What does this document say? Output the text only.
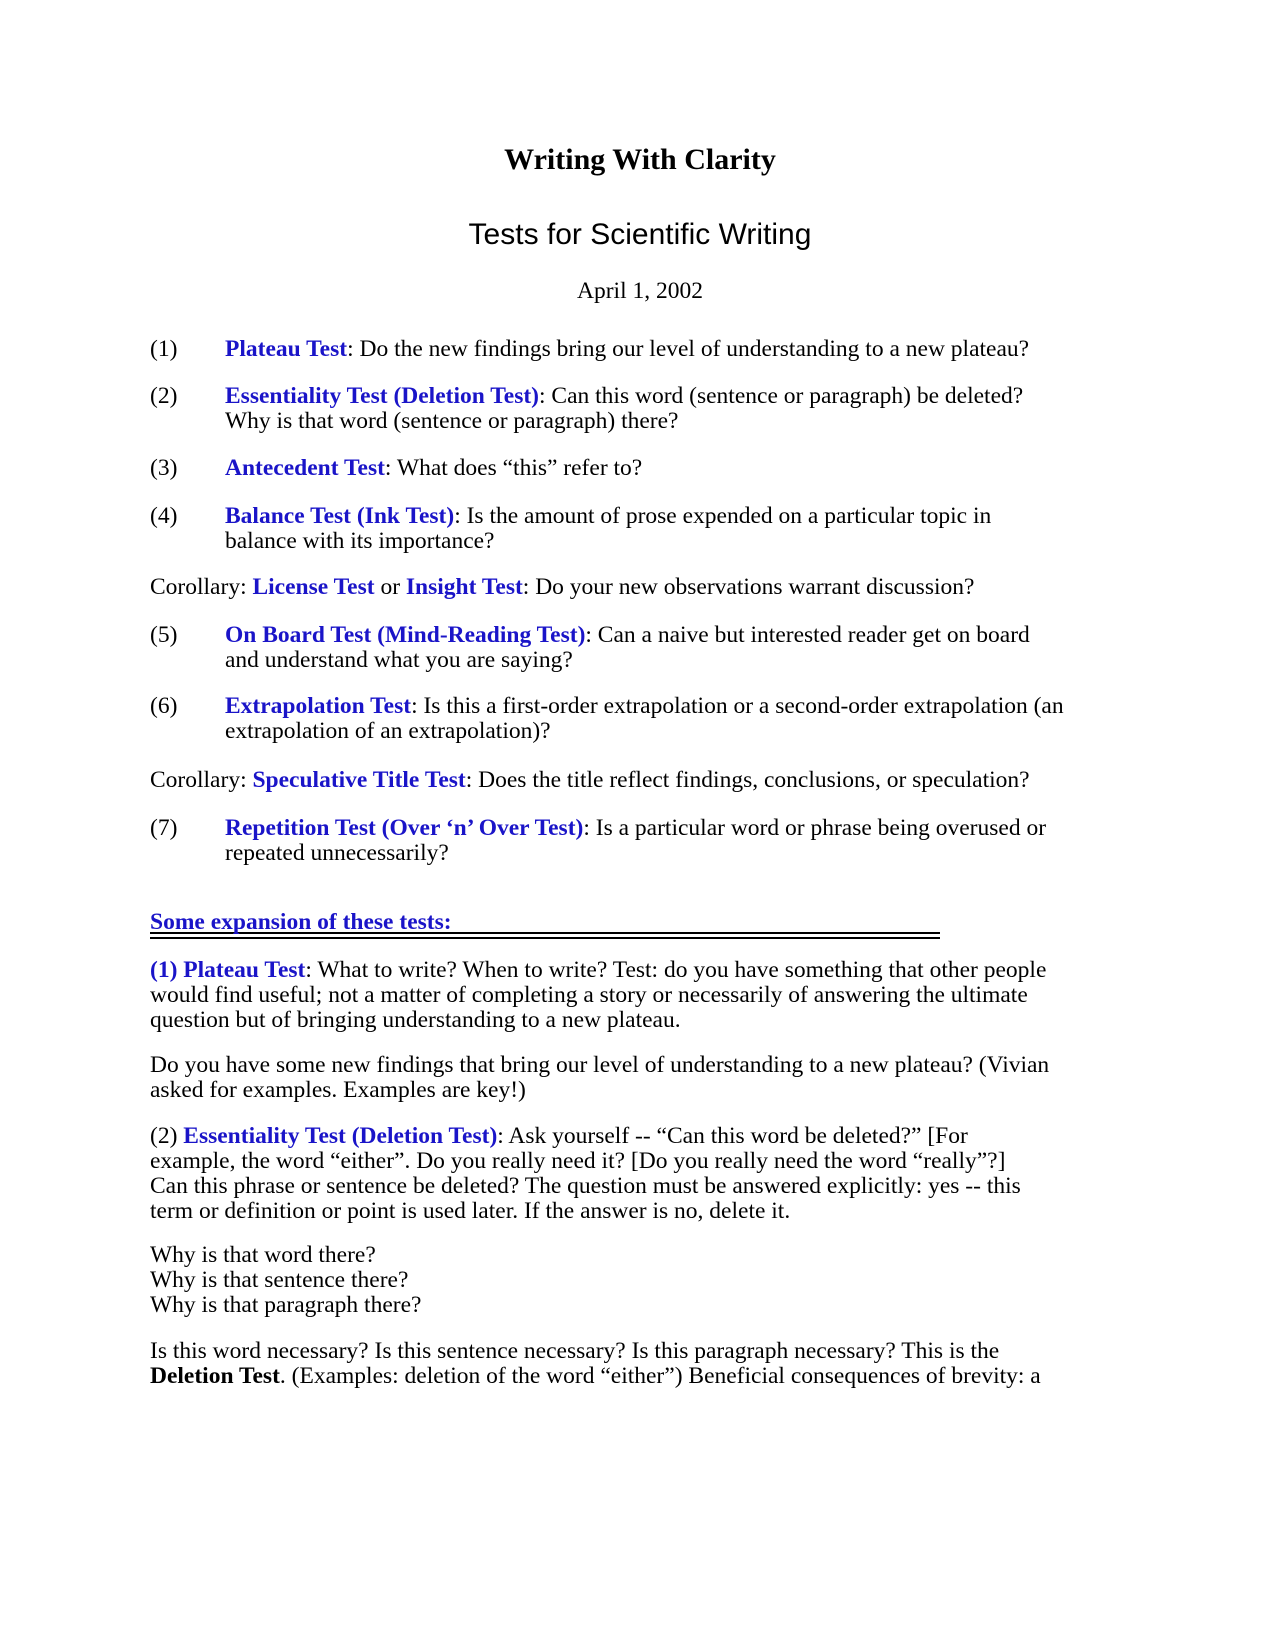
Writing With Clarity
Tests for Scientific Writing
April 1, 2002
(1) Plateau Test: Do the new findings bring our level of understanding to a new plateau?
(2) Essentiality Test (Deletion Test): Can this word (sentence or paragraph) be deleted?
Why is that word (sentence or paragraph) there?
(3) Antecedent Test: What does “this” refer to?
(4) Balance Test (Ink Test): Is the amount of prose expended on a particular topic in
balance with its importance?
Corollary: License Test or Insight Test: Do your new observations warrant discussion?
(5) On Board Test (Mind-Reading Test): Can a naive but interested reader get on board
and understand what you are saying?
(6) Extrapolation Test: Is this a first-order extrapolation or a second-order extrapolation (an
extrapolation of an extrapolation)?
Corollary: Speculative Title Test: Does the title reflect findings, conclusions, or speculation?
(7) Repetition Test (Over ‘n’ Over Test): Is a particular word or phrase being overused or
repeated unnecessarily?
Some expansion of these tests:
(1) Plateau Test: What to write? When to write? Test: do you have something that other people
would find useful; not a matter of completing a story or necessarily of answering the ultimate
question but of bringing understanding to a new plateau.
Do you have some new findings that bring our level of understanding to a new plateau? (Vivian
asked for examples. Examples are key!)
(2) Essentiality Test (Deletion Test): Ask yourself -- “Can this word be deleted?” [For
example, the word “either”. Do you really need it? [Do you really need the word “really”?]
Can this phrase or sentence be deleted? The question must be answered explicitly: yes -- this
term or definition or point is used later. If the answer is no, delete it.
Why is that word there?
Why is that sentence there?
Why is that paragraph there?
Is this word necessary? Is this sentence necessary? Is this paragraph necessary? This is the
Deletion Test. (Examples: deletion of the word “either”) Beneficial consequences of brevity: a
